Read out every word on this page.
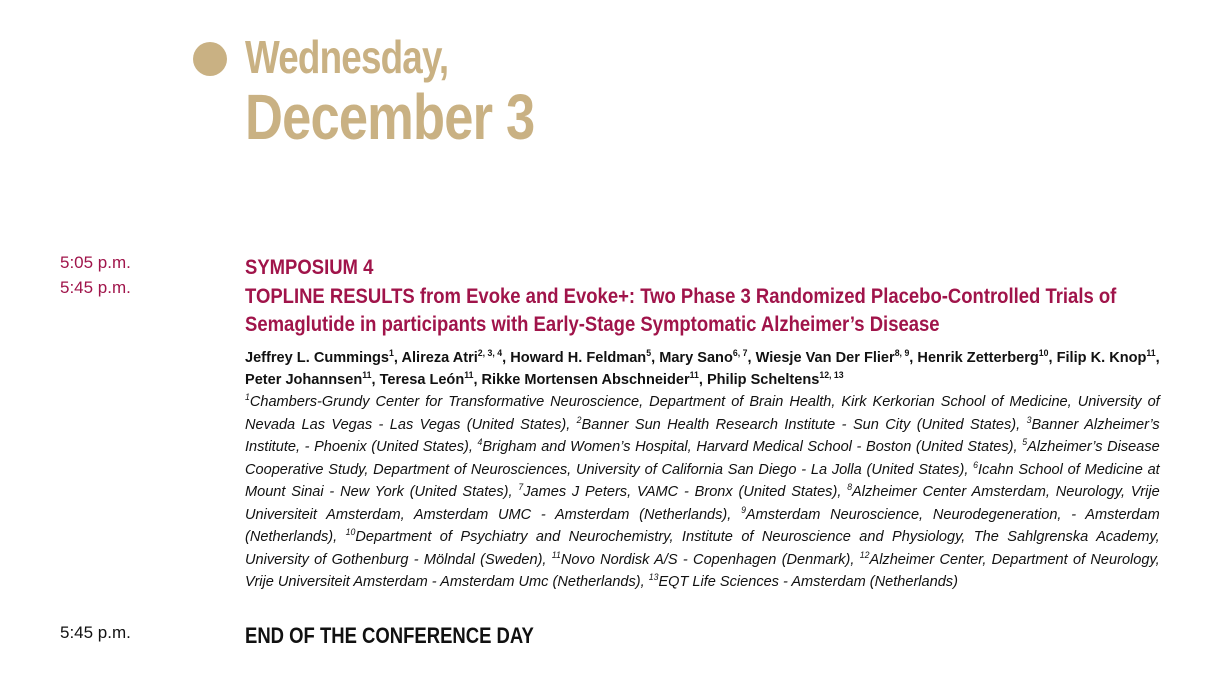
Wednesday,
December 3
5:05 p.m.
5:45 p.m.
SYMPOSIUM 4
TOPLINE RESULTS from Evoke and Evoke+: Two Phase 3 Randomized Placebo-Controlled Trials of Semaglutide in participants with Early-Stage Symptomatic Alzheimer’s Disease
Jeffrey L. Cummings$^1$, Alireza Atri$^{2, 3, 4}$, Howard H. Feldman$^5$, Mary Sano$^{6, 7}$, Wiesje Van Der Flier$^{8, 9}$, Henrik Zetterberg$^{10}$, Filip K. Knop$^{11}$, Peter Johannsen$^{11}$, Teresa León$^{11}$, Rikke Mortensen Abschneider$^{11}$, Philip Scheltens$^{12, 13}$
$^1$Chambers-Grundy Center for Transformative Neuroscience, Department of Brain Health, Kirk Kerkorian School of Medicine, University of Nevada Las Vegas - Las Vegas (United States), $^2$Banner Sun Health Research Institute - Sun City (United States), $^3$Banner Alzheimer’s Institute, - Phoenix (United States), $^4$Brigham and Women’s Hospital, Harvard Medical School - Boston (United States), $^5$Alzheimer’s Disease Cooperative Study, Department of Neurosciences, University of California San Diego - La Jolla (United States), $^6$Icahn School of Medicine at Mount Sinai - New York (United States), $^7$James J Peters, VAMC - Bronx (United States), $^8$Alzheimer Center Amsterdam, Neurology, Vrije Universiteit Amsterdam, Amsterdam UMC - Amsterdam (Netherlands), $^9$Amsterdam Neuroscience, Neurodegeneration, - Amsterdam (Netherlands), $^{10}$Department of Psychiatry and Neurochemistry, Institute of Neuroscience and Physiology, The Sahlgrenska Academy, University of Gothenburg - Mölndal (Sweden), $^{11}$Novo Nordisk A/S - Copenhagen (Denmark), $^{12}$Alzheimer Center, Department of Neurology, Vrije Universiteit Amsterdam - Amsterdam Umc (Netherlands), $^{13}$EQT Life Sciences - Amsterdam (Netherlands)
5:45 p.m.	END OF THE CONFERENCE DAY
